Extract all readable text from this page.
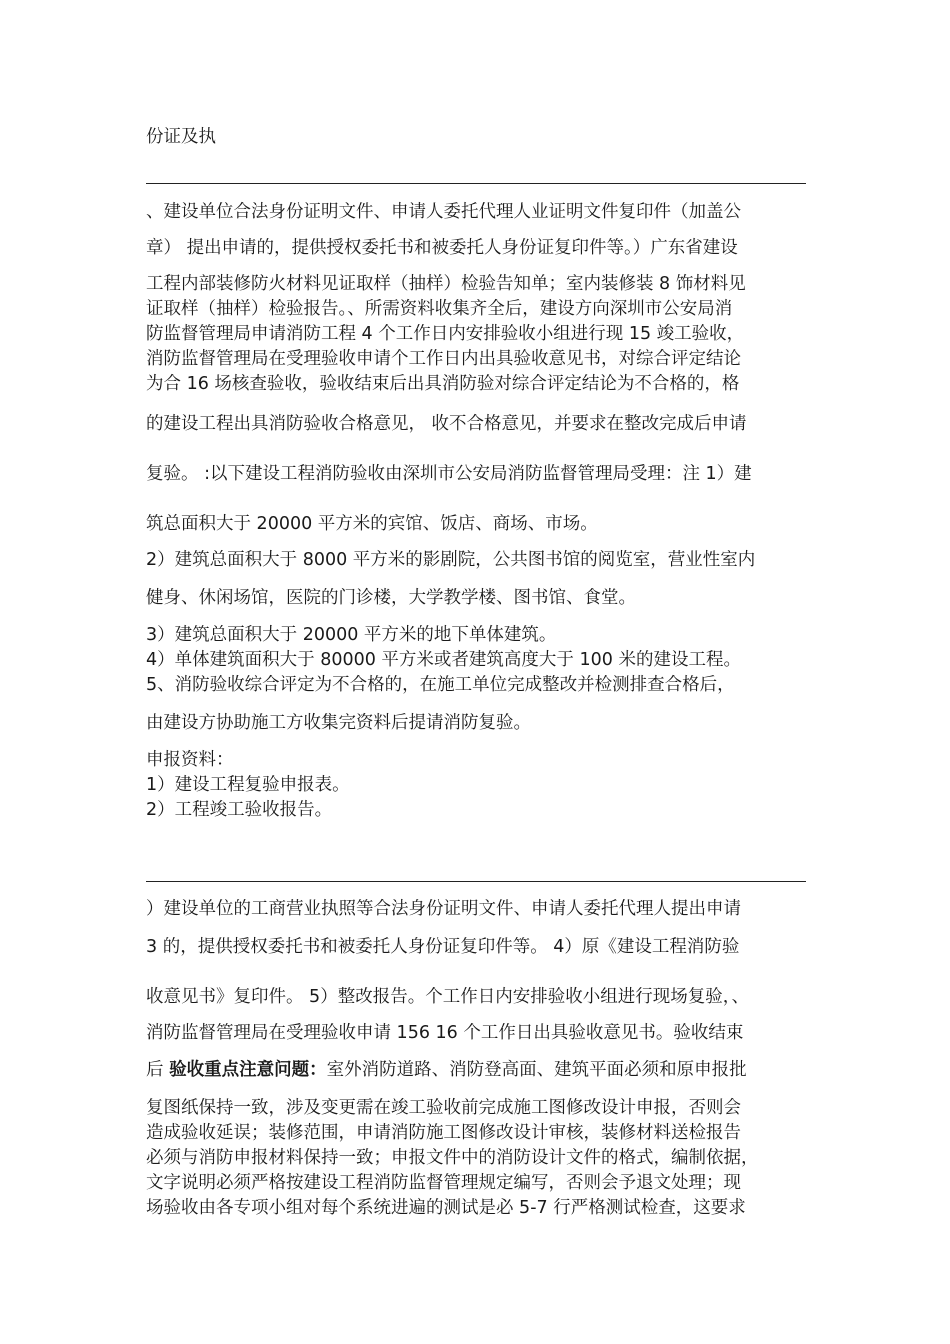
份证及执
、建设单位合法身份证明文件、申请人委托代理人业证明文件复印件（加盖公
章） 提出申请的，提供授权委托书和被委托人身份证复印件等。）广东省建设
工程内部装修防火材料见证取样（抽样）检验告知单；室内装修装 8 饰材料见
证取样（抽样）检验报告。、所需资料收集齐全后，建设方向深圳市公安局消
防监督管理局申请消防工程 4 个工作日内安排验收小组进行现 15 竣工验收，
消防监督管理局在受理验收申请个工作日内出具验收意见书，对综合评定结论
为合 16 场核查验收，验收结束后出具消防验对综合评定结论为不合格的，格
的建设工程出具消防验收合格意见， 收不合格意见，并要求在整改完成后申请
复验。 :以下建设工程消防验收由深圳市公安局消防监督管理局受理：注 1）建
筑总面积大于 20000 平方米的宾馆、饭店、商场、市场。
2）建筑总面积大于 8000 平方米的影剧院，公共图书馆的阅览室，营业性室内
健身、休闲场馆，医院的门诊楼，大学教学楼、图书馆、食堂。
3）建筑总面积大于 20000 平方米的地下单体建筑。
4）单体建筑面积大于 80000 平方米或者建筑高度大于 100 米的建设工程。
5、消防验收综合评定为不合格的，在施工单位完成整改并检测排查合格后，
由建设方协助施工方收集完资料后提请消防复验。
申报资料：
1）建设工程复验申报表。
2）工程竣工验收报告。
）建设单位的工商营业执照等合法身份证明文件、申请人委托代理人提出申请
3 的，提供授权委托书和被委托人身份证复印件等。 4）原《建设工程消防验
收意见书》复印件。 5）整改报告。个工作日内安排验收小组进行现场复验，、
消防监督管理局在受理验收申请 156 16 个工作日出具验收意见书。验收结束
后 验收重点注意问题：室外消防道路、消防登高面、建筑平面必须和原申报批
复图纸保持一致，涉及变更需在竣工验收前完成施工图修改设计申报，否则会
造成验收延误；装修范围，申请消防施工图修改设计审核，装修材料送检报告
必须与消防申报材料保持一致；申报文件中的消防设计文件的格式，编制依据，
文字说明必须严格按建设工程消防监督管理规定编写，否则会予退文处理；现
场验收由各专项小组对每个系统进遍的测试是必 5-7 行严格测试检查，这要求
